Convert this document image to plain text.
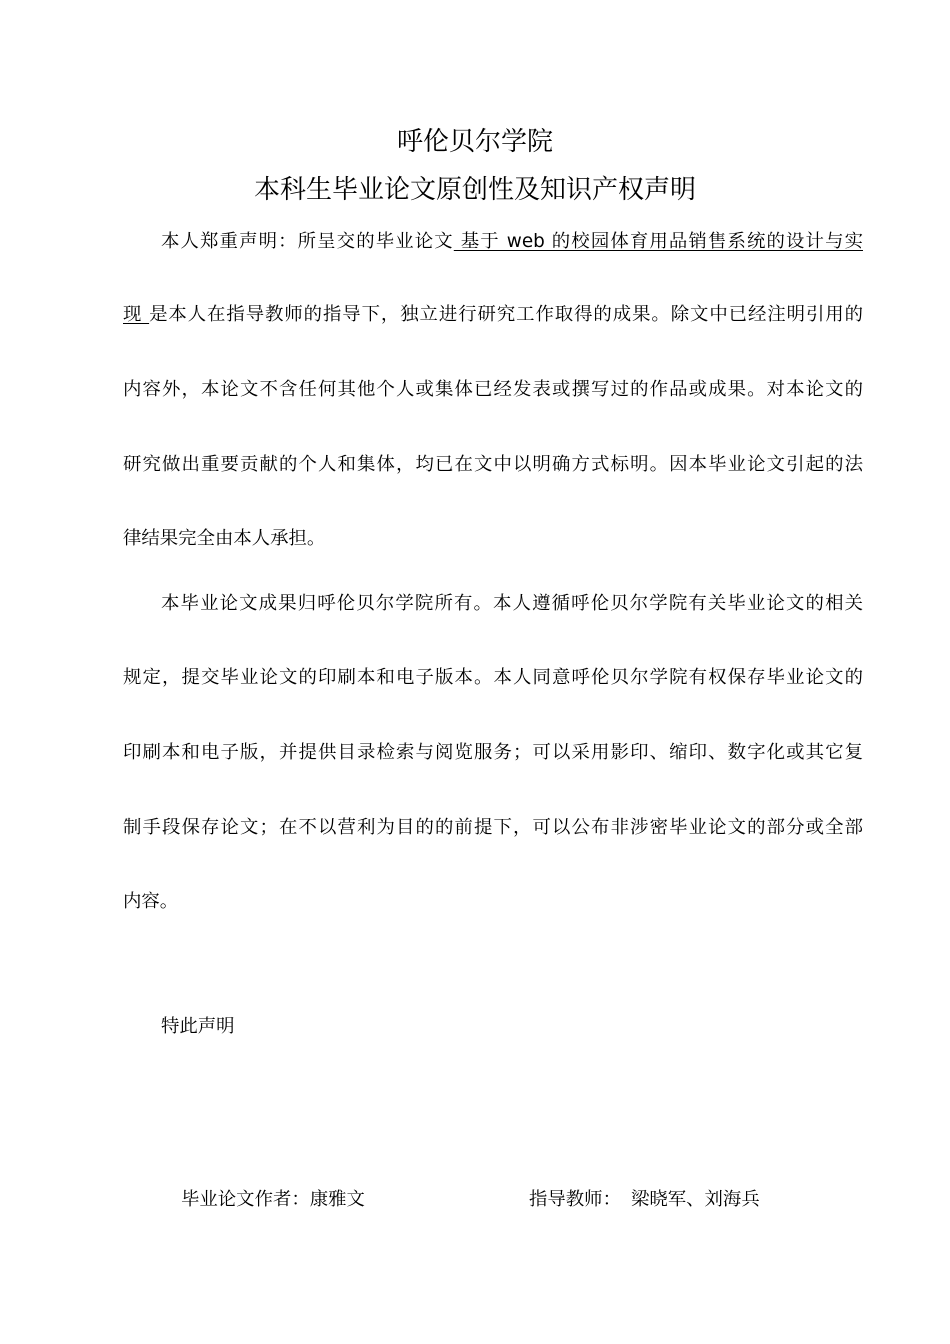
呼伦贝尔学院
本科生毕业论文原创性及知识产权声明
本人郑重声明：所呈交的毕业论文 基于 web 的校园体育用品销售系统的设计与实
现 是本人在指导教师的指导下，独立进行研究工作取得的成果。除文中已经注明引用的
内容外，本论文不含任何其他个人或集体已经发表或撰写过的作品或成果。对本论文的
研究做出重要贡献的个人和集体，均已在文中以明确方式标明。因本毕业论文引起的法
律结果完全由本人承担。
本毕业论文成果归呼伦贝尔学院所有。本人遵循呼伦贝尔学院有关毕业论文的相关
规定，提交毕业论文的印刷本和电子版本。本人同意呼伦贝尔学院有权保存毕业论文的
印刷本和电子版，并提供目录检索与阅览服务；可以采用影印、缩印、数字化或其它复
制手段保存论文；在不以营利为目的的前提下，可以公布非涉密毕业论文的部分或全部
内容。
特此声明
毕业论文作者：康雅文	指导教师： 梁晓军、刘海兵
